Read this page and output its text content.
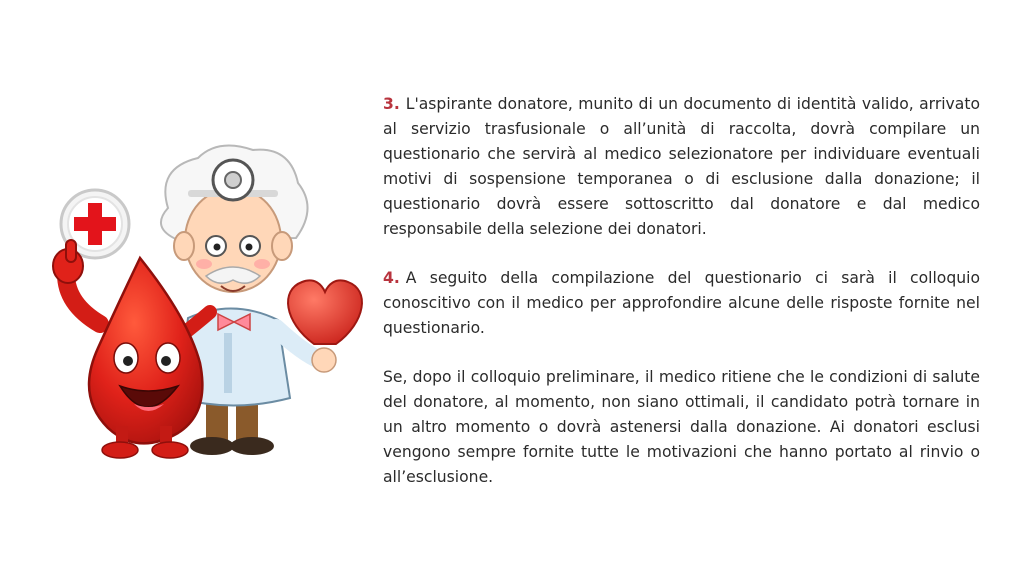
3. L'aspirante donatore, munito di un documento di identità valido, arrivato al servizio trasfusionale o all’unità di raccolta, dovrà compilare un questionario che servirà al medico selezionatore per individuare eventuali motivi di sospensione temporanea o di esclusione dalla donazione; il questionario dovrà essere sottoscritto dal donatore e dal medico responsabile della selezione dei donatori.

4. A seguito della compilazione del questionario ci sarà il colloquio conoscitivo con il medico per approfondire alcune delle risposte fornite nel questionario.

Se, dopo il colloquio preliminare, il medico ritiene che le condizioni di salute del donatore, al momento, non siano ottimali, il candidato potrà tornare in un altro momento o dovrà astenersi dalla donazione. Ai donatori esclusi vengono sempre fornite tutte le motivazioni che hanno portato al rinvio o all’esclusione.
